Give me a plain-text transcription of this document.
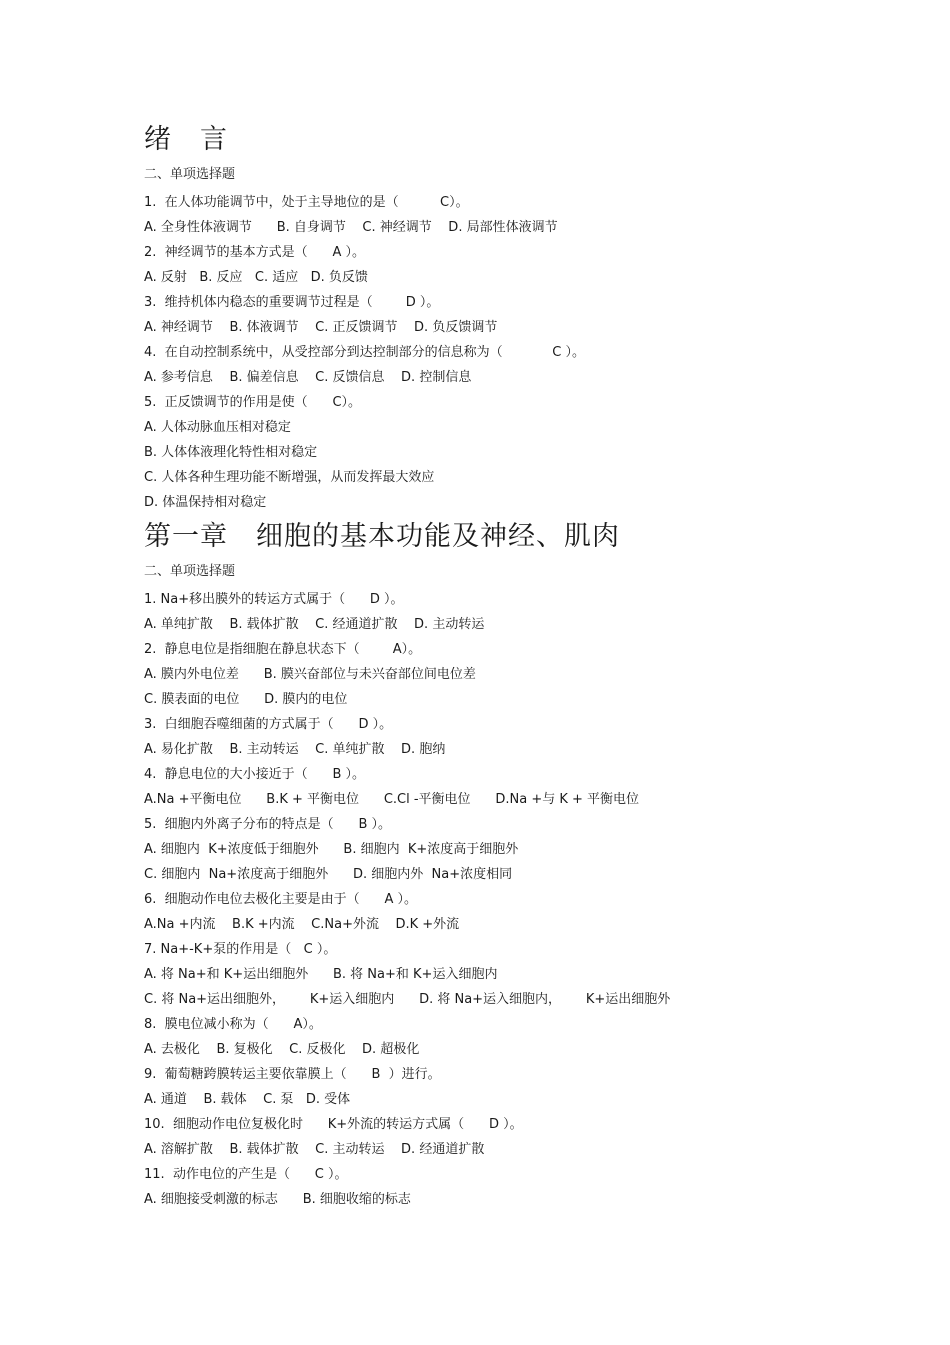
绪　言
二、单项选择题
1.  在人体功能调节中，处于主导地位的是（          C）。
A. 全身性体液调节      B. 自身调节    C. 神经调节    D. 局部性体液调节
2.  神经调节的基本方式是（      A ）。
A. 反射   B. 反应   C. 适应   D. 负反馈
3.  维持机体内稳态的重要调节过程是（        D ）。
A. 神经调节    B. 体液调节    C. 正反馈调节    D. 负反馈调节
4.  在自动控制系统中，从受控部分到达控制部分的信息称为（            C ）。
A. 参考信息    B. 偏差信息    C. 反馈信息    D. 控制信息
5.  正反馈调节的作用是使（      C）。
A. 人体动脉血压相对稳定
B. 人体体液理化特性相对稳定
C. 人体各种生理功能不断增强，从而发挥最大效应
D. 体温保持相对稳定
第一章　细胞的基本功能及神经、肌肉
二、单项选择题
1. Na+移出膜外的转运方式属于（      D ）。
A. 单纯扩散    B. 载体扩散    C. 经通道扩散    D. 主动转运
2.  静息电位是指细胞在静息状态下（        A）。
A. 膜内外电位差      B. 膜兴奋部位与未兴奋部位间电位差
C. 膜表面的电位      D. 膜内的电位
3.  白细胞吞噬细菌的方式属于（      D ）。
A. 易化扩散    B. 主动转运    C. 单纯扩散    D. 胞纳
4.  静息电位的大小接近于（      B ）。
A.Na +平衡电位      B.K + 平衡电位      C.Cl -平衡电位      D.Na +与 K + 平衡电位
5.  细胞内外离子分布的特点是（      B ）。
A. 细胞内  K+浓度低于细胞外      B. 细胞内  K+浓度高于细胞外
C. 细胞内  Na+浓度高于细胞外      D. 细胞内外  Na+浓度相同
6.  细胞动作电位去极化主要是由于（      A ）。
A.Na +内流    B.K +内流    C.Na+外流    D.K +外流
7. Na+-K+泵的作用是（   C ）。
A. 将 Na+和 K+运出细胞外      B. 将 Na+和 K+运入细胞内
C. 将 Na+运出细胞外，      K+运入细胞内      D. 将 Na+运入细胞内，      K+运出细胞外
8.  膜电位减小称为（      A）。
A. 去极化    B. 复极化    C. 反极化    D. 超极化
9.  葡萄糖跨膜转运主要依靠膜上（      B  ）进行。
A. 通道    B. 载体    C. 泵   D. 受体
10.  细胞动作电位复极化时      K+外流的转运方式属（      D ）。
A. 溶解扩散    B. 载体扩散    C. 主动转运    D. 经通道扩散
11.  动作电位的产生是（      C ）。
A. 细胞接受刺激的标志      B. 细胞收缩的标志
